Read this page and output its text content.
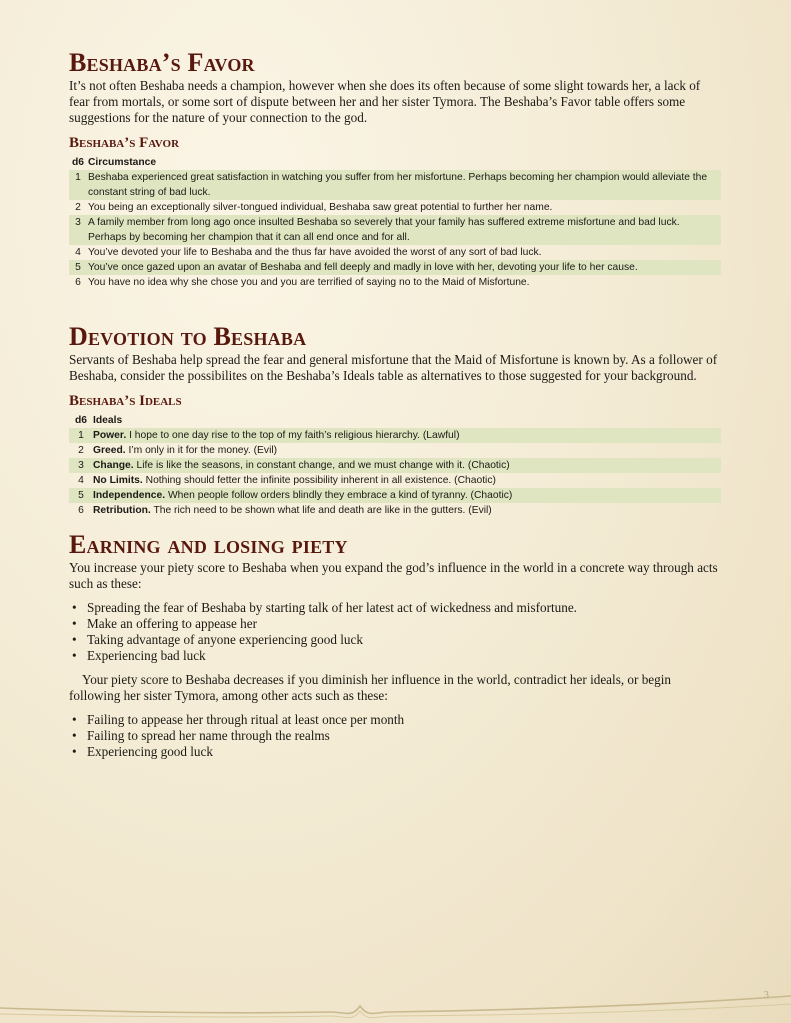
Beshaba’s Favor

It’s not often Beshaba needs a champion, however when she does its often because of some slight towards her, a lack of fear from mortals, or some sort of dispute between her and her sister Tymora. The Beshaba’s Favor table offers some suggestions for the nature of your connection to the god.

Beshaba’s Favor
d6	Circumstance
1	Beshaba experienced great satisfaction in watching you suffer from her misfortune. Perhaps becoming her champion would alleviate the constant string of bad luck.
2	You being an exceptionally silver-tongued individual, Beshaba saw great potential to further her name.
3	A family member from long ago once insulted Beshaba so severely that your family has suffered extreme misfortune and bad luck. Perhaps by becoming her champion that it can all end once and for all.
4	You’ve devoted your life to Beshaba and the thus far have avoided the worst of any sort of bad luck.
5	You’ve once gazed upon an avatar of Beshaba and fell deeply and madly in love with her, devoting your life to her cause.
6	You have no idea why she chose you and you are terrified of saying no to the Maid of Misfortune.
Devotion to Beshaba

Servants of Beshaba help spread the fear and general misfortune that the Maid of Misfortune is known by. As a follower of Beshaba, consider the possibilites on the Beshaba’s Ideals table as alternatives to those suggested for your background.

Beshaba’s Ideals
d6	Ideals
1	Power. I hope to one day rise to the top of my faith’s religious hierarchy. (Lawful)
2	Greed. I’m only in it for the money. (Evil)
3	Change. Life is like the seasons, in constant change, and we must change with it. (Chaotic)
4	No Limits. Nothing should fetter the infinite possibility inherent in all existence. (Chaotic)
5	Independence. When people follow orders blindly they embrace a kind of tyranny. (Chaotic)
6	Retribution. The rich need to be shown what life and death are like in the gutters. (Evil)
Earning and losing piety

You increase your piety score to Beshaba when you expand the god’s influence in the world in a concrete way through acts such as these:

• Spreading the fear of Beshaba by starting talk of her latest act of wickedness and misfortune.
• Make an offering to appease her
• Taking advantage of anyone experiencing good luck
• Experiencing bad luck

Your piety score to Beshaba decreases if you diminish her influence in the world, contradict her ideals, or begin following her sister Tymora, among other acts such as these:

• Failing to appease her through ritual at least once per month
• Failing to spread her name through the realms
• Experiencing good luck
3
